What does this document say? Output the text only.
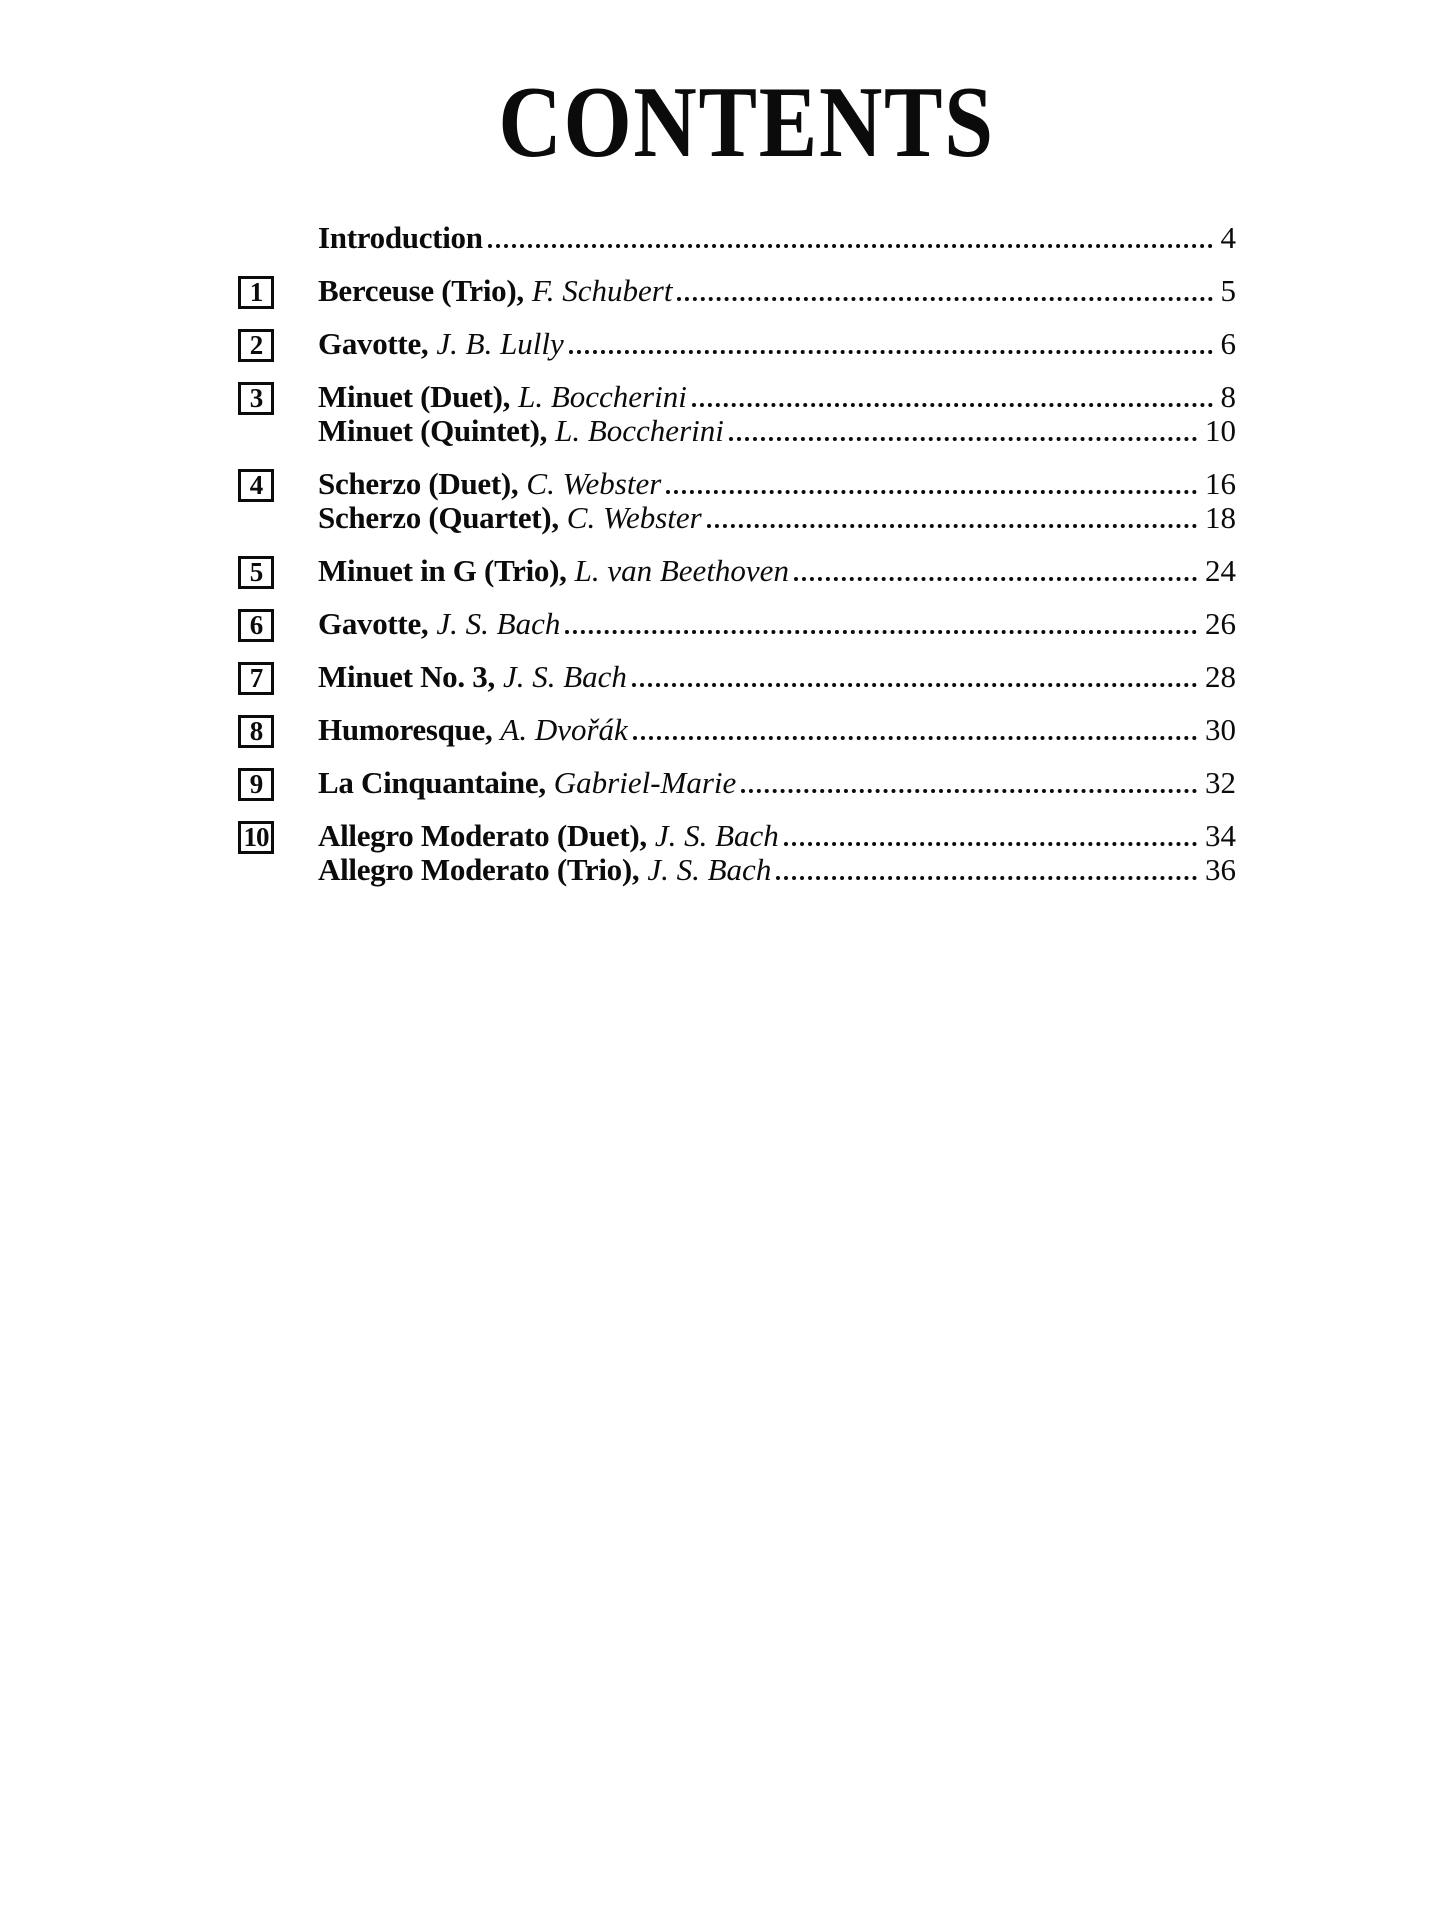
CONTENTS
Introduction	4
1	Berceuse (Trio), F. Schubert	5
2	Gavotte, J. B. Lully	6
3	Minuet (Duet), L. Boccherini	8
Minuet (Quintet), L. Boccherini	10
4	Scherzo (Duet), C. Webster	16
Scherzo (Quartet), C. Webster	18
5	Minuet in G (Trio), L. van Beethoven	24
6	Gavotte, J. S. Bach	26
7	Minuet No. 3, J. S. Bach	28
8	Humoresque, A. Dvořák	30
9	La Cinquantaine, Gabriel-Marie	32
10	Allegro Moderato (Duet), J. S. Bach	34
Allegro Moderato (Trio), J. S. Bach	36
